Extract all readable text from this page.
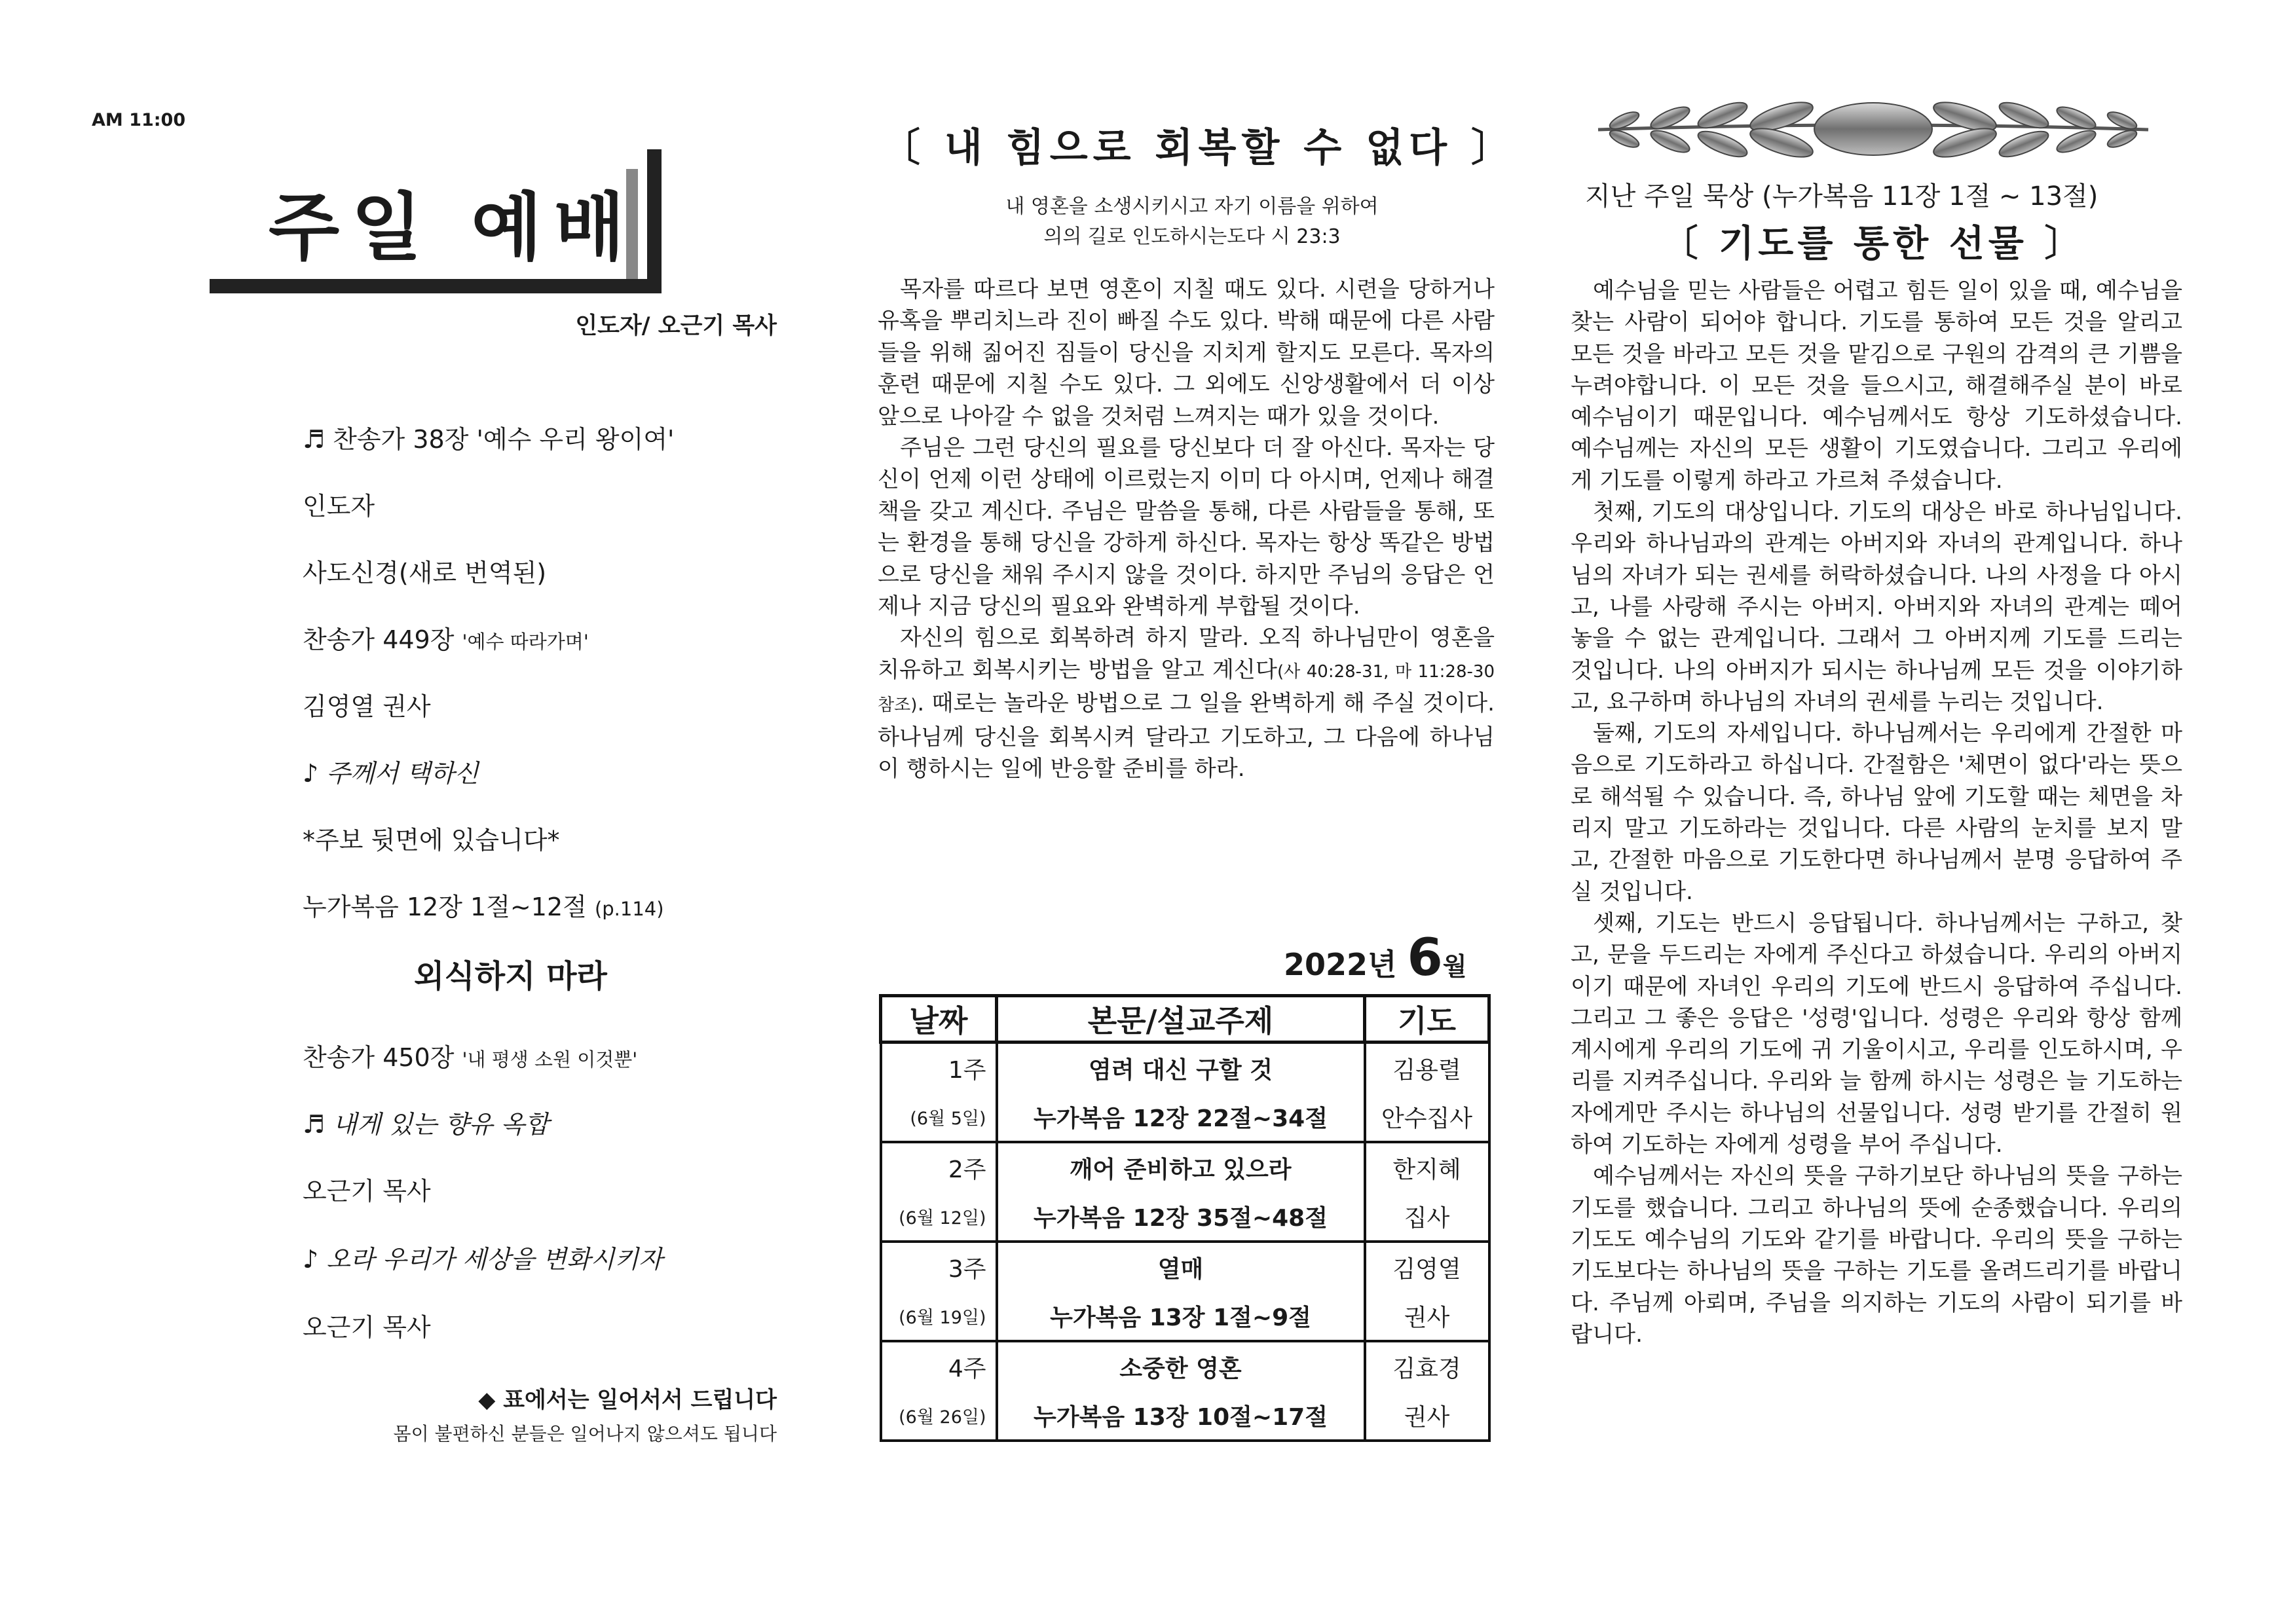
AM 11:00
주일 예배
인도자/ 오근기 목사
♬ 찬송가 38장 '예수 우리 왕이여'
인도자
사도신경(새로 번역된)
찬송가 449장 '예수 따라가며'
김영열 권사
♪ 주께서 택하신
*주보 뒷면에 있습니다*
누가복음 12장 1절~12절 (p.114)
외식하지 마라
찬송가 450장 '내 평생 소원 이것뿐'
♬ 내게 있는 향유 옥합
오근기 목사
♪ 오라 우리가 세상을 변화시키자
오근기 목사
◆ 표에서는 일어서서 드립니다
몸이 불편하신 분들은 일어나지 않으셔도 됩니다
〔 내 힘으로 회복할 수 없다 〕
내 영혼을 소생시키시고 자기 이름을 위하여
의의 길로 인도하시는도다 시 23:3

목자를 따르다 보면 영혼이 지칠 때도 있다. 시련을 당하거나 유혹을 뿌리치느라 진이 빠질 수도 있다. 박해 때문에 다른 사람들을 위해 짊어진 짐들이 당신을 지치게 할지도 모른다. 목자의 훈련 때문에 지칠 수도 있다. 그 외에도 신앙생활에서 더 이상 앞으로 나아갈 수 없을 것처럼 느껴지는 때가 있을 것이다.

주님은 그런 당신의 필요를 당신보다 더 잘 아신다. 목자는 당신이 언제 이런 상태에 이르렀는지 이미 다 아시며, 언제나 해결책을 갖고 계신다. 주님은 말씀을 통해, 다른 사람들을 통해, 또는 환경을 통해 당신을 강하게 하신다. 목자는 항상 똑같은 방법으로 당신을 채워 주시지 않을 것이다. 하지만 주님의 응답은 언제나 지금 당신의 필요와 완벽하게 부합될 것이다.

자신의 힘으로 회복하려 하지 말라. 오직 하나님만이 영혼을 치유하고 회복시키는 방법을 알고 계신다(사 40:28-31, 마 11:28-30 참조). 때로는 놀라운 방법으로 그 일을 완벽하게 해 주실 것이다. 하나님께 당신을 회복시켜 달라고 기도하고, 그 다음에 하나님이 행하시는 일에 반응할 준비를 하라.

2022년 6월
날짜	본문/설교주제	기도
1주	염려 대신 구할 것	김용렬
(6월 5일)	누가복음 12장 22절~34절	안수집사
2주	깨어 준비하고 있으라	한지혜
(6월 12일)	누가복음 12장 35절~48절	집사
3주	열매	김영열
(6월 19일)	누가복음 13장 1절~9절	권사
4주	소중한 영혼	김효경
(6월 26일)	누가복음 13장 10절~17절	권사
지난 주일 묵상 (누가복음 11장 1절 ~ 13절)
〔 기도를 통한 선물 〕

예수님을 믿는 사람들은 어렵고 힘든 일이 있을 때, 예수님을 찾는 사람이 되어야 합니다. 기도를 통하여 모든 것을 알리고 모든 것을 바라고 모든 것을 맡김으로 구원의 감격의 큰 기쁨을 누려야합니다. 이 모든 것을 들으시고, 해결해주실 분이 바로 예수님이기 때문입니다. 예수님께서도 항상 기도하셨습니다. 예수님께는 자신의 모든 생활이 기도였습니다. 그리고 우리에게 기도를 이렇게 하라고 가르쳐 주셨습니다.

첫째, 기도의 대상입니다. 기도의 대상은 바로 하나님입니다. 우리와 하나님과의 관계는 아버지와 자녀의 관계입니다. 하나님의 자녀가 되는 권세를 허락하셨습니다. 나의 사정을 다 아시고, 나를 사랑해 주시는 아버지. 아버지와 자녀의 관계는 떼어놓을 수 없는 관계입니다. 그래서 그 아버지께 기도를 드리는 것입니다. 나의 아버지가 되시는 하나님께 모든 것을 이야기하고, 요구하며 하나님의 자녀의 권세를 누리는 것입니다.

둘째, 기도의 자세입니다. 하나님께서는 우리에게 간절한 마음으로 기도하라고 하십니다. 간절함은 '체면이 없다'라는 뜻으로 해석될 수 있습니다. 즉, 하나님 앞에 기도할 때는 체면을 차리지 말고 기도하라는 것입니다. 다른 사람의 눈치를 보지 말고, 간절한 마음으로 기도한다면 하나님께서 분명 응답하여 주실 것입니다.

셋째, 기도는 반드시 응답됩니다. 하나님께서는 구하고, 찾고, 문을 두드리는 자에게 주신다고 하셨습니다. 우리의 아버지이기 때문에 자녀인 우리의 기도에 반드시 응답하여 주십니다. 그리고 그 좋은 응답은 '성령'입니다. 성령은 우리와 항상 함께 계시에게 우리의 기도에 귀 기울이시고, 우리를 인도하시며, 우리를 지켜주십니다. 우리와 늘 함께 하시는 성령은 늘 기도하는 자에게만 주시는 하나님의 선물입니다. 성령 받기를 간절히 원하여 기도하는 자에게 성령을 부어 주십니다.

예수님께서는 자신의 뜻을 구하기보단 하나님의 뜻을 구하는 기도를 했습니다. 그리고 하나님의 뜻에 순종했습니다. 우리의 기도도 예수님의 기도와 같기를 바랍니다. 우리의 뜻을 구하는 기도보다는 하나님의 뜻을 구하는 기도를 올려드리기를 바랍니다. 주님께 아뢰며, 주님을 의지하는 기도의 사람이 되기를 바랍니다.
